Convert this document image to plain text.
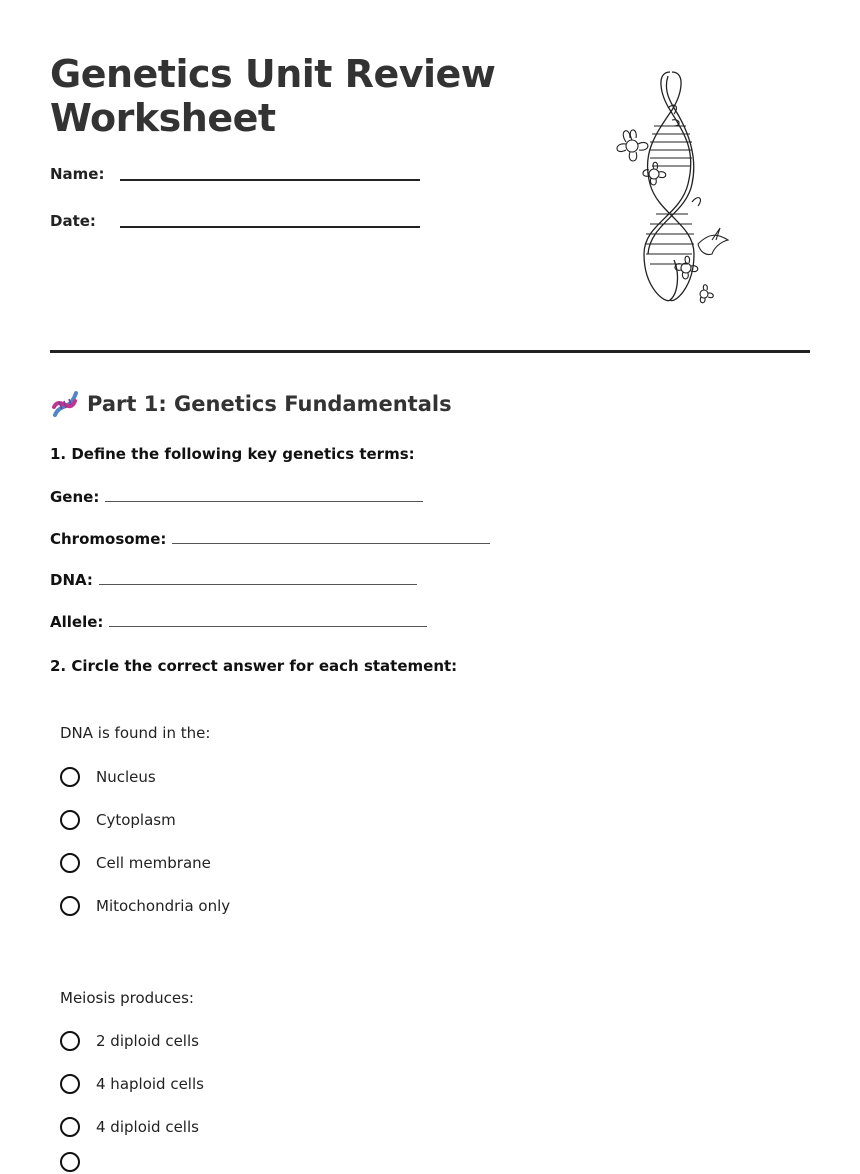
Genetics Unit Review Worksheet
Name:
Date:
Part 1: Genetics Fundamentals
1. Define the following key genetics terms:
Gene:
Chromosome:
DNA:
Allele:
2. Circle the correct answer for each statement:
DNA is found in the:
Nucleus
Cytoplasm
Cell membrane
Mitochondria only
Meiosis produces:
2 diploid cells
4 haploid cells
4 diploid cells
